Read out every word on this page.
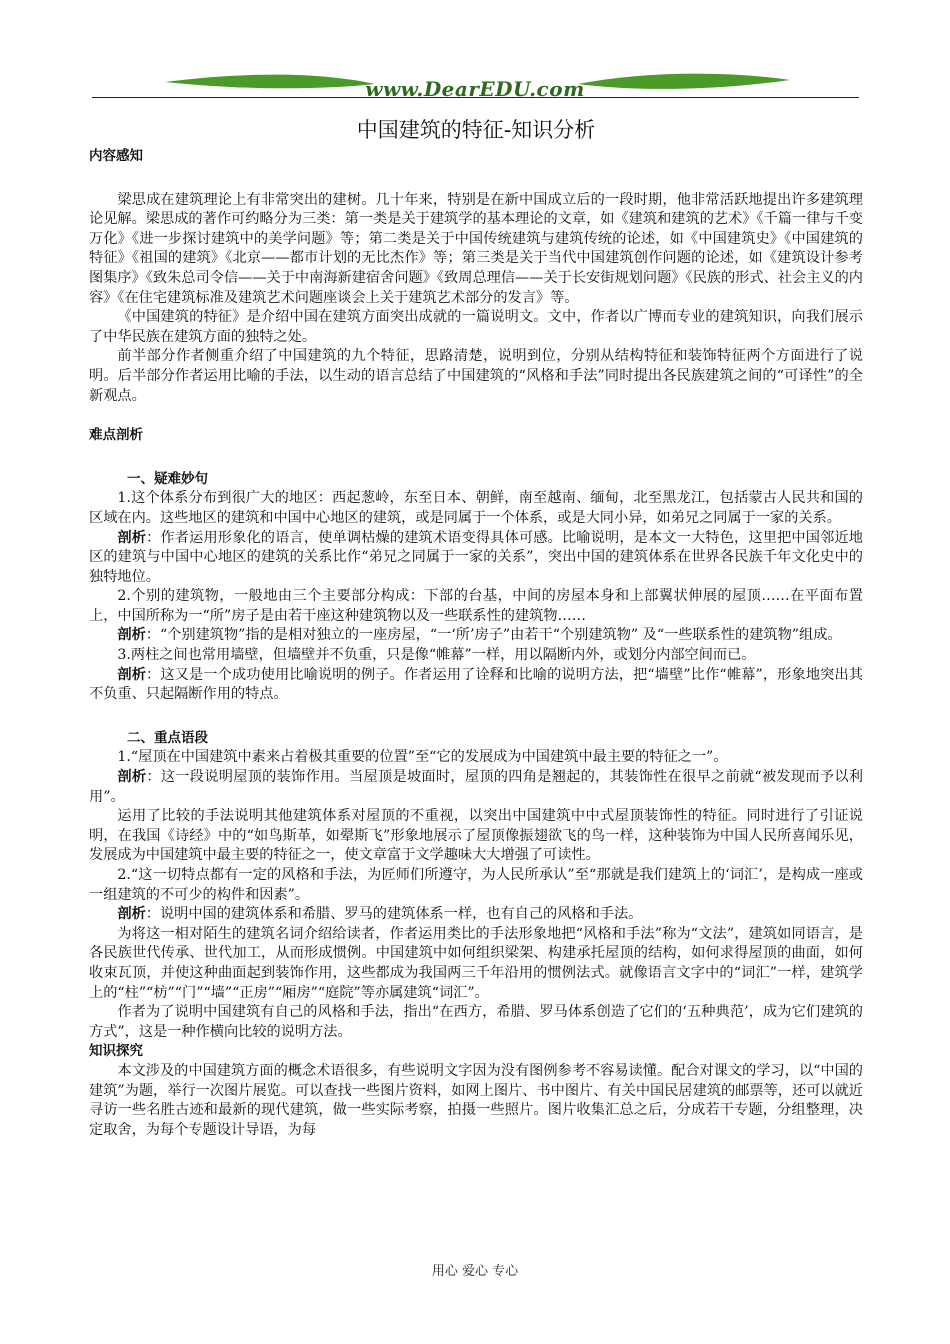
www.DearEDU.com
中国建筑的特征-知识分析
内容感知

梁思成在建筑理论上有非常突出的建树。几十年来，特别是在新中国成立后的一段时期，他非常活跃地提出许多建筑理论见解。梁思成的著作可约略分为三类：第一类是关于建筑学的基本理论的文章，如《建筑和建筑的艺术》《千篇一律与千变万化》《进一步探讨建筑中的美学问题》等；第二类是关于中国传统建筑与建筑传统的论述，如《中国建筑史》《中国建筑的特征》《祖国的建筑》《北京——都市计划的无比杰作》等；第三类是关于当代中国建筑创作问题的论述，如《建筑设计参考图集序》《致朱总司令信——关于中南海新建宿舍问题》《致周总理信——关于长安街规划问题》《民族的形式、社会主义的内容》《在住宅建筑标准及建筑艺术问题座谈会上关于建筑艺术部分的发言》等。

《中国建筑的特征》是介绍中国在建筑方面突出成就的一篇说明文。文中，作者以广博而专业的建筑知识，向我们展示了中华民族在建筑方面的独特之处。

前半部分作者侧重介绍了中国建筑的九个特征，思路清楚，说明到位，分别从结构特征和装饰特征两个方面进行了说明。后半部分作者运用比喻的手法，以生动的语言总结了中国建筑的“风格和手法”同时提出各民族建筑之间的“可译性”的全新观点。

难点剖析
一、疑难妙句

1.这个体系分布到很广大的地区：西起葱岭，东至日本、朝鲜，南至越南、缅甸，北至黑龙江，包括蒙古人民共和国的区域在内。这些地区的建筑和中国中心地区的建筑，或是同属于一个体系，或是大同小异，如弟兄之同属于一家的关系。

剖析：作者运用形象化的语言，使单调枯燥的建筑术语变得具体可感。比喻说明，是本文一大特色，这里把中国邻近地区的建筑与中国中心地区的建筑的关系比作“弟兄之同属于一家的关系”，突出中国的建筑体系在世界各民族千年文化史中的独特地位。

2.个别的建筑物，一般地由三个主要部分构成：下部的台基，中间的房屋本身和上部翼状伸展的屋顶……在平面布置上，中国所称为一“所”房子是由若干座这种建筑物以及一些联系性的建筑物……

剖析：“个别建筑物”指的是相对独立的一座房屋，“一‘所’房子”由若干“个别建筑物” 及“一些联系性的建筑物”组成。

3.两柱之间也常用墙壁，但墙壁并不负重，只是像“帷幕”一样，用以隔断内外，或划分内部空间而已。

剖析：这又是一个成功使用比喻说明的例子。作者运用了诠释和比喻的说明方法，把“墙壁”比作“帷幕”，形象地突出其不负重、只起隔断作用的特点。

二、重点语段

1.“屋顶在中国建筑中素来占着极其重要的位置”至“它的发展成为中国建筑中最主要的特征之一”。

剖析：这一段说明屋顶的装饰作用。当屋顶是坡面时，屋顶的四角是翘起的，其装饰性在很早之前就“被发现而予以利用”。

运用了比较的手法说明其他建筑体系对屋顶的不重视，以突出中国建筑中中式屋顶装饰性的特征。同时进行了引证说明，在我国《诗经》中的“如鸟斯革，如翚斯飞”形象地展示了屋顶像振翅欲飞的鸟一样，这种装饰为中国人民所喜闻乐见，发展成为中国建筑中最主要的特征之一，使文章富于文学趣味大大增强了可读性。

2.“这一切特点都有一定的风格和手法，为匠师们所遵守，为人民所承认”至“那就是我们建筑上的‘词汇’，是构成一座或一组建筑的不可少的构件和因素”。

剖析：说明中国的建筑体系和希腊、罗马的建筑体系一样，也有自己的风格和手法。

为将这一相对陌生的建筑名词介绍给读者，作者运用类比的手法形象地把“风格和手法”称为“文法”，建筑如同语言，是各民族世代传承、世代加工，从而形成惯例。中国建筑中如何组织梁架、构建承托屋顶的结构，如何求得屋顶的曲面，如何收束瓦顶，并使这种曲面起到装饰作用，这些都成为我国两三千年沿用的惯例法式。就像语言文字中的“词汇”一样，建筑学上的“柱”“枋”“门”“墙”“正房”“厢房”“庭院”等亦属建筑“词汇”。

作者为了说明中国建筑有自己的风格和手法，指出“在西方，希腊、罗马体系创造了它们的‘五种典范’，成为它们建筑的方式”，这是一种作横向比较的说明方法。

知识探究

本文涉及的中国建筑方面的概念术语很多，有些说明文字因为没有图例参考不容易读懂。配合对课文的学习，以“中国的建筑”为题，举行一次图片展览。可以查找一些图片资料，如网上图片、书中图片、有关中国民居建筑的邮票等，还可以就近寻访一些名胜古迹和最新的现代建筑，做一些实际考察，拍摄一些照片。图片收集汇总之后，分成若干专题，分组整理，决定取舍，为每个专题设计导语，为每

用心 爱心 专心
